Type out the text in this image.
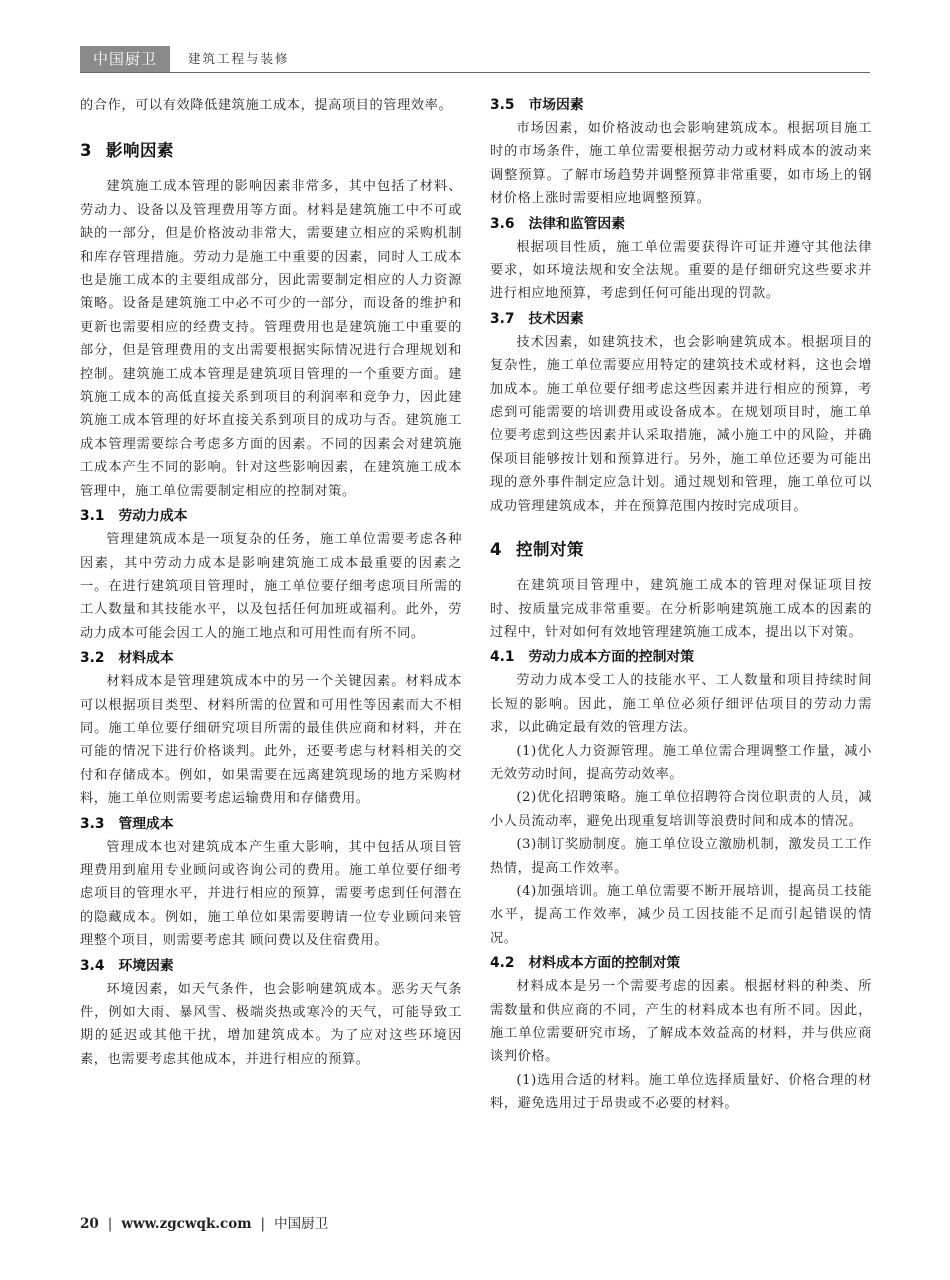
中国厨卫	建筑工程与装修

的合作，可以有效降低建筑施工成本，提高项目的管理效率。

3 影响因素

建筑施工成本管理的影响因素非常多，其中包括了材料、劳动力、设备以及管理费用等方面。材料是建筑施工中不可或缺的一部分，但是价格波动非常大，需要建立相应的采购机制和库存管理措施。劳动力是施工中重要的因素，同时人工成本也是施工成本的主要组成部分，因此需要制定相应的人力资源策略。设备是建筑施工中必不可少的一部分，而设备的维护和更新也需要相应的经费支持。管理费用也是建筑施工中重要的部分，但是管理费用的支出需要根据实际情况进行合理规划和控制。建筑施工成本管理是建筑项目管理的一个重要方面。建筑施工成本的高低直接关系到项目的利润率和竞争力，因此建筑施工成本管理的好坏直接关系到项目的成功与否。建筑施工成本管理需要综合考虑多方面的因素。不同的因素会对建筑施工成本产生不同的影响。针对这些影响因素，在建筑施工成本管理中，施工单位需要制定相应的控制对策。

3.1 劳动力成本

管理建筑成本是一项复杂的任务，施工单位需要考虑各种因素，其中劳动力成本是影响建筑施工成本最重要的因素之一。在进行建筑项目管理时，施工单位要仔细考虑项目所需的工人数量和其技能水平，以及包括任何加班或福利。此外，劳动力成本可能会因工人的施工地点和可用性而有所不同。

3.2 材料成本

材料成本是管理建筑成本中的另一个关键因素。材料成本可以根据项目类型、材料所需的位置和可用性等因素而大不相同。施工单位要仔细研究项目所需的最佳供应商和材料，并在可能的情况下进行价格谈判。此外，还要考虑与材料相关的交付和存储成本。例如，如果需要在远离建筑现场的地方采购材料，施工单位则需要考虑运输费用和存储费用。

3.3 管理成本

管理成本也对建筑成本产生重大影响，其中包括从项目管理费用到雇用专业顾问或咨询公司的费用。施工单位要仔细考虑项目的管理水平，并进行相应的预算，需要考虑到任何潜在的隐藏成本。例如，施工单位如果需要聘请一位专业顾问来管理整个项目，则需要考虑其 顾问费以及住宿费用。

3.4 环境因素

环境因素，如天气条件，也会影响建筑成本。恶劣天气条件，例如大雨、暴风雪、极端炎热或寒冷的天气，可能导致工期的延迟或其他干扰，增加建筑成本。为了应对这些环境因素，也需要考虑其他成本，并进行相应的预算。

3.5 市场因素

市场因素，如价格波动也会影响建筑成本。根据项目施工时的市场条件，施工单位需要根据劳动力或材料成本的波动来调整预算。了解市场趋势并调整预算非常重要，如市场上的钢材价格上涨时需要相应地调整预算。

3.6 法律和监管因素

根据项目性质，施工单位需要获得许可证并遵守其他法律要求，如环境法规和安全法规。重要的是仔细研究这些要求并进行相应地预算，考虑到任何可能出现的罚款。

3.7 技术因素

技术因素，如建筑技术，也会影响建筑成本。根据项目的复杂性，施工单位需要应用特定的建筑技术或材料，这也会增加成本。施工单位要仔细考虑这些因素并进行相应的预算，考虑到可能需要的培训费用或设备成本。在规划项目时，施工单位要考虑到这些因素并认采取措施，减小施工中的风险，并确保项目能够按计划和预算进行。另外，施工单位还要为可能出现的意外事件制定应急计划。通过规划和管理，施工单位可以成功管理建筑成本，并在预算范围内按时完成项目。

4 控制对策

在建筑项目管理中，建筑施工成本的管理对保证项目按时、按质量完成非常重要。在分析影响建筑施工成本的因素的过程中，针对如何有效地管理建筑施工成本，提出以下对策。

4.1 劳动力成本方面的控制对策

劳动力成本受工人的技能水平、工人数量和项目持续时间长短的影响。因此，施工单位必须仔细评估项目的劳动力需求，以此确定最有效的管理方法。

(1)优化人力资源管理。施工单位需合理调整工作量，减小无效劳动时间，提高劳动效率。

(2)优化招聘策略。施工单位招聘符合岗位职责的人员，减小人员流动率，避免出现重复培训等浪费时间和成本的情况。

(3)制订奖励制度。施工单位设立激励机制，激发员工工作热情，提高工作效率。

(4)加强培训。施工单位需要不断开展培训，提高员工技能水平，提高工作效率，减少员工因技能不足而引起错误的情况。

4.2 材料成本方面的控制对策

材料成本是另一个需要考虑的因素。根据材料的种类、所需数量和供应商的不同，产生的材料成本也有所不同。因此，施工单位需要研究市场，了解成本效益高的材料，并与供应商谈判价格。

(1)选用合适的材料。施工单位选择质量好、价格合理的材料，避免选用过于昂贵或不必要的材料。

20 | www.zgcwqk.com | 中国厨卫
